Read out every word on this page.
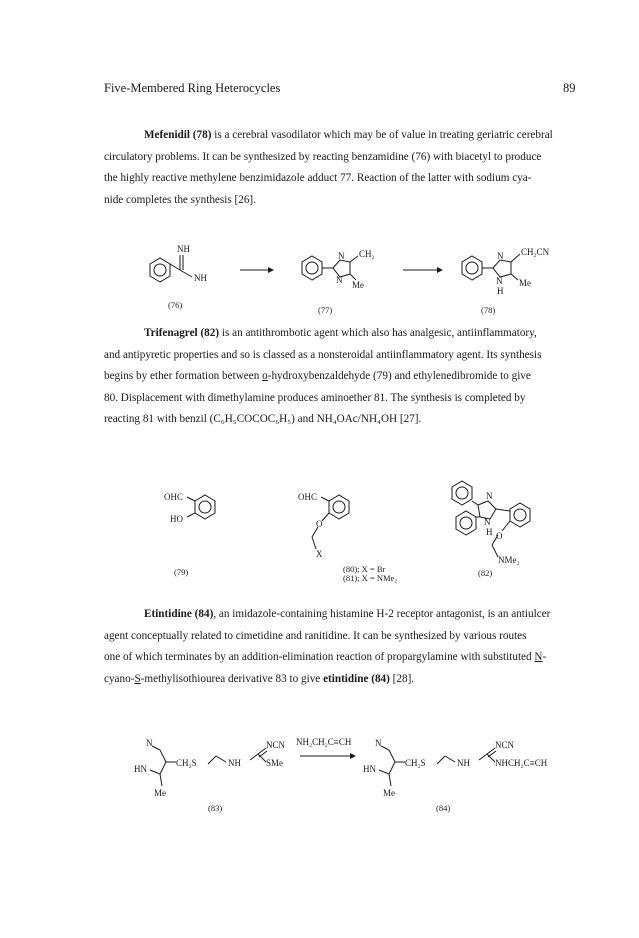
Five-Membered Ring Heterocycles	89
Mefenidil (78) is a cerebral vasodilator which may be of value in treating geriatric cerebral
circulatory problems. It can be synthesized by reacting benzamidine (76) with biacetyl to produce
the highly reactive methylene benzimidazole adduct 77. Reaction of the latter with sodium cya-
nide completes the synthesis [26].
NH
NH
(76)
N
N
CH₂
Me
(77)
N
N
H
CH₂CN
Me
(78)
Trifenagrel (82) is an antithrombotic agent which also has analgesic, antiinflammatory,
and antipyretic properties and so is classed as a nonsteroidal antiinflammatory agent. Its synthesis
begins by ether formation between o-hydroxybenzaldehyde (79) and ethylenedibromide to give
80. Displacement with dimethylamine produces aminoether 81. The synthesis is completed by
reacting 81 with benzil (C₆H₅COCOC₆H₅) and NH₄OAc/NH₄OH [27].
OHC
HO
(79)
OHC
O
X
(80); X = Br
(81); X = NMe₂
N
N
H O
NMe₂
(82)
Etintidine (84), an imidazole-containing histamine H-2 receptor antagonist, is an antiulcer
agent conceptually related to cimetidine and ranitidine. It can be synthesized by various routes
one of which terminates by an addition-elimination reaction of propargylamine with substituted N-
cyano-S-methylisothiourea derivative 83 to give etintidine (84) [28].
N
HN
CH₂S	NH
NCN
SMe
Me
(83)
NH₂CH₂C≡CH	N
HN
CH₂S	NH
NCN
NHCH₂C≡CH
Me
(84)
